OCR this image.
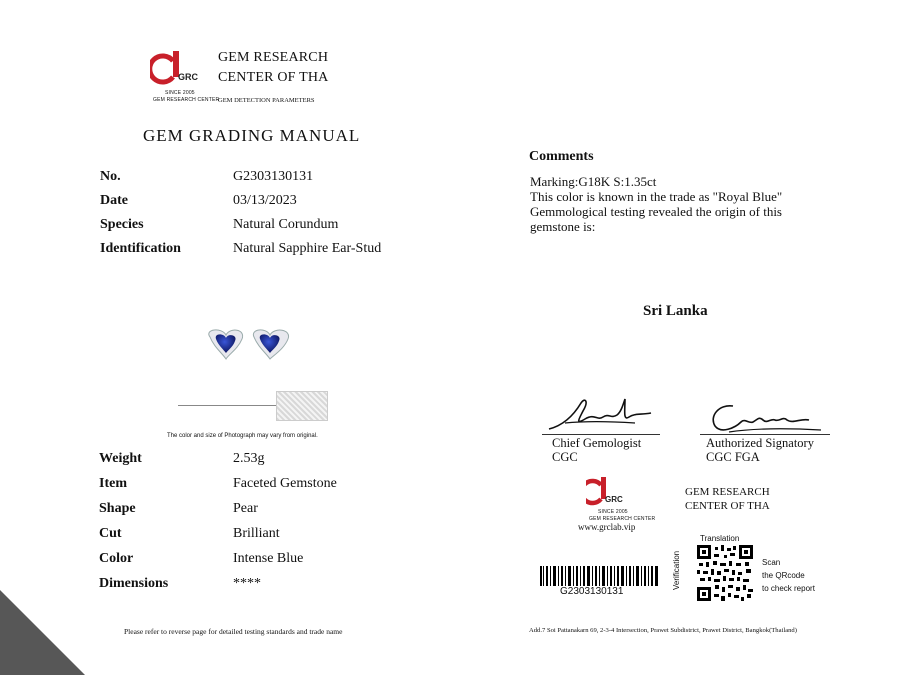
GRC
SINCE 2005
GEM RESEARCH CENTER
GEM RESEARCH
CENTER OF THA
GEM DETECTION PARAMETERS
GEM GRADING MANUAL
No.	G2303130131
Date	03/13/2023
Species	Natural Corundum
Identification	Natural Sapphire Ear-Stud
The color and size of Photograph may vary from original.
Weight	2.53g
Item	Faceted Gemstone
Shape	Pear
Cut	Brilliant
Color	Intense Blue
Dimensions	****
Please refer to reverse page for detailed testing standards and trade name
Comments
Marking:G18K S:1.35ct
This color is known in the trade as "Royal Blue"
Gemmological testing revealed the origin of this
gemstone is:
Sri Lanka
Chief Gemologist
CGC
Authorized Signatory
CGC FGA
GRC
SINCE 2005
GEM RESEARCH CENTER
www.grclab.vip
GEM RESEARCH
CENTER OF THA
G2303130131
Translation
Verification	Scan
the QRcode
to check report
Add.7 Soi Pattanakarn 69, 2-3-4 Intersection, Prawet Subdistrict, Prawet District, Bangkok(Thailand)
